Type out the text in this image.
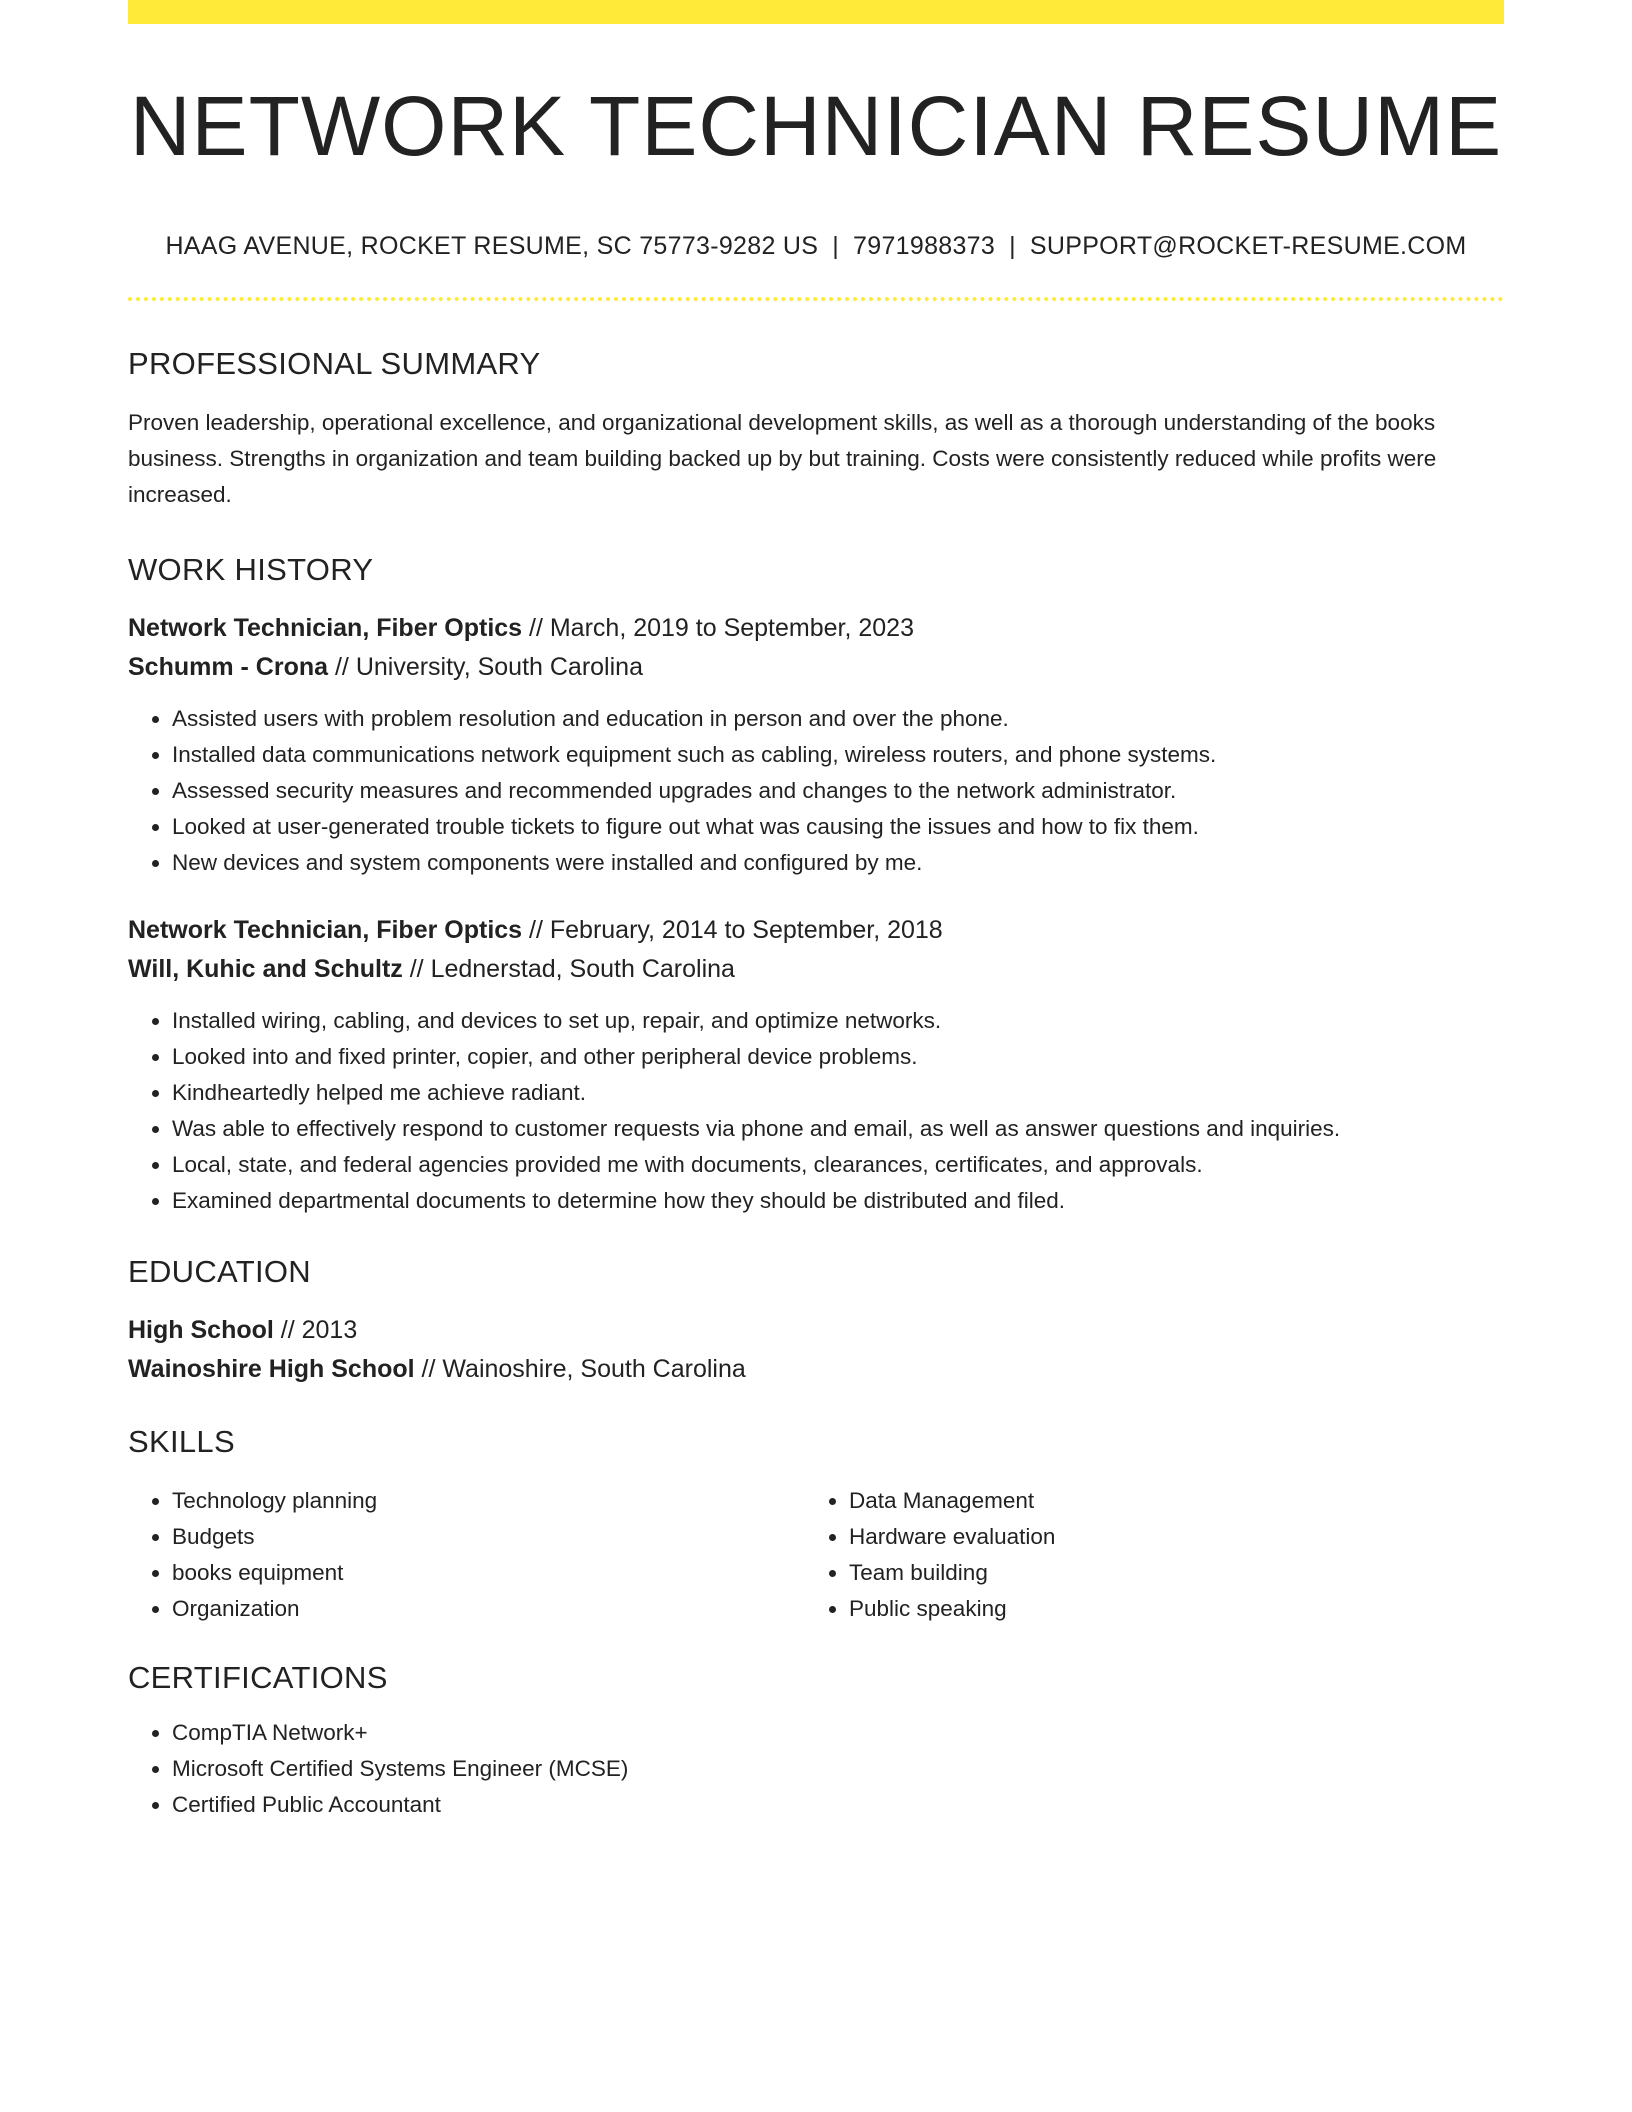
NETWORK TECHNICIAN RESUME
HAAG AVENUE, ROCKET RESUME, SC 75773-9282 US | 7971988373 | SUPPORT@ROCKET-RESUME.COM
PROFESSIONAL SUMMARY

Proven leadership, operational excellence, and organizational development skills, as well as a thorough understanding of the books business. Strengths in organization and team building backed up by but training. Costs were consistently reduced while profits were increased.

WORK HISTORY
Network Technician, Fiber Optics // March, 2019 to September, 2023
Schumm - Crona // University, South Carolina
• Assisted users with problem resolution and education in person and over the phone.
• Installed data communications network equipment such as cabling, wireless routers, and phone systems.
• Assessed security measures and recommended upgrades and changes to the network administrator.
• Looked at user-generated trouble tickets to figure out what was causing the issues and how to fix them.
• New devices and system components were installed and configured by me.
Network Technician, Fiber Optics // February, 2014 to September, 2018
Will, Kuhic and Schultz // Lednerstad, South Carolina
• Installed wiring, cabling, and devices to set up, repair, and optimize networks.
• Looked into and fixed printer, copier, and other peripheral device problems.
• Kindheartedly helped me achieve radiant.
• Was able to effectively respond to customer requests via phone and email, as well as answer questions and inquiries.
• Local, state, and federal agencies provided me with documents, clearances, certificates, and approvals.
• Examined departmental documents to determine how they should be distributed and filed.
EDUCATION
High School // 2013
Wainoshire High School // Wainoshire, South Carolina
SKILLS
• Technology planning
• Budgets
• books equipment
• Organization
• Data Management
• Hardware evaluation
• Team building
• Public speaking
CERTIFICATIONS
• CompTIA Network+
• Microsoft Certified Systems Engineer (MCSE)
• Certified Public Accountant
